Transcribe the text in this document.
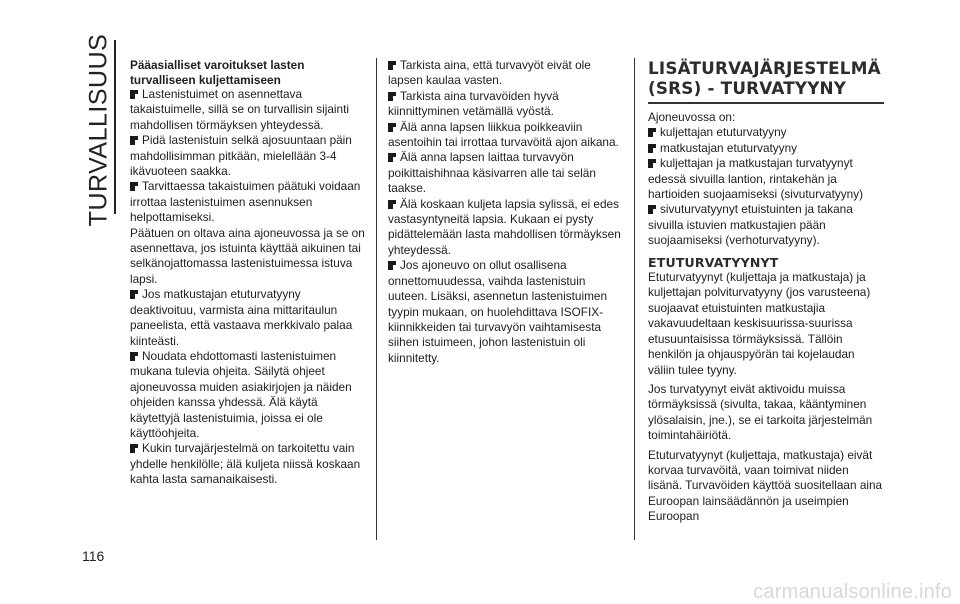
TURVALLISUUS
116

Pääasialliset varoitukset lasten turvalliseen kuljettamiseen

Lastenistuimet on asennettava takaistuimelle, sillä se on turvallisin sijainti mahdollisen törmäyksen yhteydessä.

Pidä lastenistuin selkä ajosuuntaan päin mahdollisimman pitkään, mielellään 3-4 ikävuoteen saakka.

Tarvittaessa takaistuimen päätuki voidaan irrottaa lastenistuimen asennuksen helpottamiseksi.

Päätuen on oltava aina ajoneuvossa ja se on asennettava, jos istuinta käyttää aikuinen tai selkänojattomassa lastenistuimessa istuva lapsi.

Jos matkustajan etuturvatyyny deaktivoituu, varmista aina mittaritaulun paneelista, että vastaava merkkivalo palaa kiinteästi.

Noudata ehdottomasti lastenistuimen mukana tulevia ohjeita. Säilytä ohjeet ajoneuvossa muiden asiakirjojen ja näiden ohjeiden kanssa yhdessä. Älä käytä käytettyjä lastenistuimia, joissa ei ole käyttöohjeita.

Kukin turvajärjestelmä on tarkoitettu vain yhdelle henkilölle; älä kuljeta niissä koskaan kahta lasta samanaikaisesti.

Tarkista aina, että turvavyöt eivät ole lapsen kaulaa vasten.

Tarkista aina turvavöiden hyvä kiinnittyminen vetämällä vyöstä.

Älä anna lapsen liikkua poikkeaviin asentoihin tai irrottaa turvavöitä ajon aikana.

Älä anna lapsen laittaa turvavyön poikittaishihnaa käsivarren alle tai selän taakse.

Älä koskaan kuljeta lapsia sylissä, ei edes vastasyntyneitä lapsia. Kukaan ei pysty pidättelemään lasta mahdollisen törmäyksen yhteydessä.

Jos ajoneuvo on ollut osallisena onnettomuudessa, vaihda lastenistuin uuteen. Lisäksi, asennetun lastenistuimen tyypin mukaan, on huolehdittava ISOFIX-kiinnikkeiden tai turvavyön vaihtamisesta siihen istuimeen, johon lastenistuin oli kiinnitetty.

LISÄTURVAJÄRJESTELMÄ (SRS) - TURVATYYNY

Ajoneuvossa on:

kuljettajan etuturvatyyny

matkustajan etuturvatyyny

kuljettajan ja matkustajan turvatyynyt edessä sivuilla lantion, rintakehän ja hartioiden suojaamiseksi (sivuturvatyyny)

sivuturvatyynyt etuistuinten ja takana sivuilla istuvien matkustajien pään suojaamiseksi (verhoturvatyyny).

ETUTURVATYYNYT

Etuturvatyynyt (kuljettaja ja matkustaja) ja kuljettajan polviturvatyyny (jos varusteena) suojaavat etuistuinten matkustajia vakavuudeltaan keskisuurissa-suurissa etusuuntaisissa törmäyksissä. Tällöin henkilön ja ohjauspyörän tai kojelaudan väliin tulee tyyny.

Jos turvatyynyt eivät aktivoidu muissa törmäyksissä (sivulta, takaa, kääntyminen ylösalaisin, jne.), se ei tarkoita järjestelmän toimintahäiriötä.

Etuturvatyynyt (kuljettaja, matkustaja) eivät korvaa turvavöitä, vaan toimivat niiden lisänä. Turvavöiden käyttöä suositellaan aina Euroopan lainsäädännön ja useimpien Euroopan

carmanualsonline.info
